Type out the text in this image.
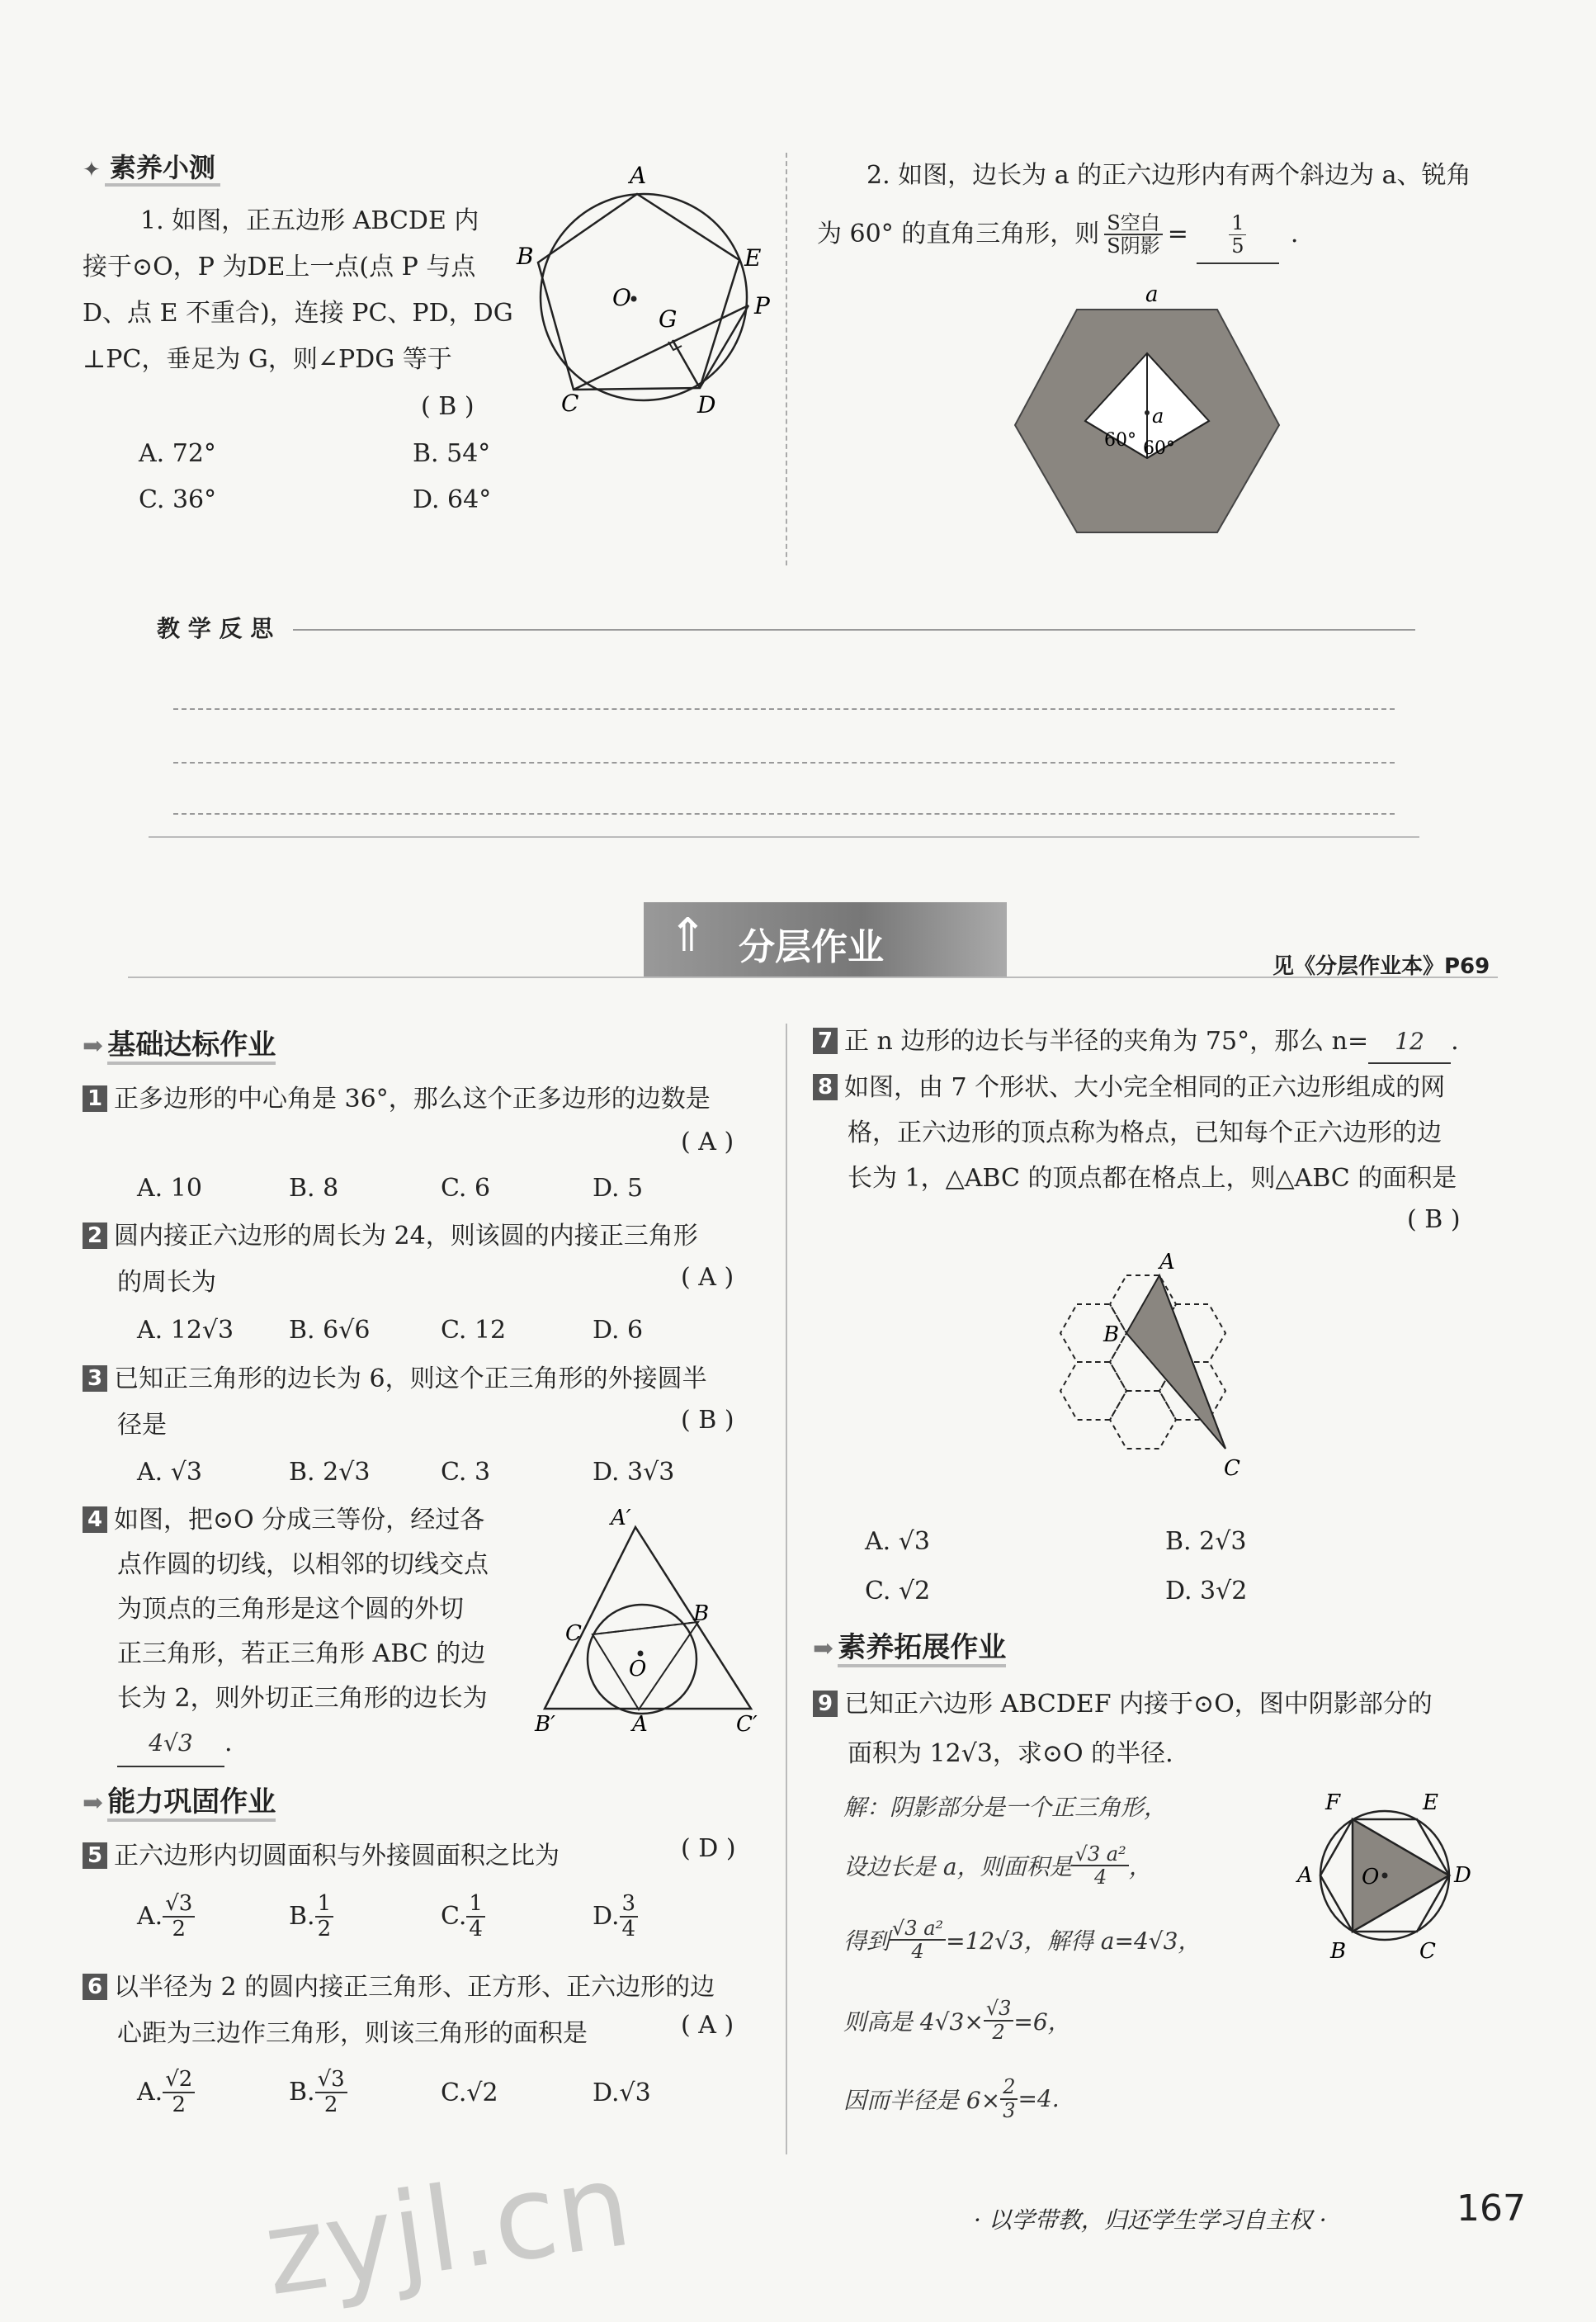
✦ 素养小测
1. 如图，正五边形 ABCDE 内
接于⊙O，P 为DE上一点(点 P 与点
D、点 E 不重合)，连接 PC、PD，DG
⊥PC，垂足为 G，则∠PDG 等于
( B )
A. 72°	B. 54°
C. 36°	D. 64°
A
B	E
O
G	P
C	D
2. 如图，边长为 a 的正六边形内有两个斜边为 a、锐角
为 60° 的直角三角形，则 $\frac{\text{S空白}}{\text{S阴影}} = \frac{1}{5}$ .
a
a
60° 60°
教 学 反 思
⇑ 分层作业	见《分层作业本》P69
➡ 基础达标作业
1 正多边形的中心角是 36°，那么这个正多边形的边数是
( A )
A. 10	B. 8	C. 6	D. 5
2 圆内接正六边形的周长为 24，则该圆的内接正三角形
的周长为	( A )
A. 12√3 B. 6√6	C. 12	D. 6
3 已知正三角形的边长为 6，则这个正三角形的外接圆半
径是	( B )
A. √3	B. 2√3	C. 3	D. 3√3
4 如图，把⊙O 分成三等份，经过各
点作圆的切线，以相邻的切线交点
为顶点的三角形是这个圆的外切
正三角形，若正三角形 ABC 的边
长为 2，则外切正三角形的边长为
4√3 .
A′
B
C
O
B′	A	C′
➡ 能力巩固作业
5 正六边形内切圆面积与外接圆面积之比为	( D )
A. $\frac{√3}{2}$	B. $\frac{1}{2}$	C. $\frac{1}{4}$	D. $\frac{3}{4}$
6 以半径为 2 的圆内接正三角形、正方形、正六边形的边
心距为三边作三角形，则该三角形的面积是	( A )
A. $\frac{√2}{2}$	B. $\frac{√3}{2}$	C.√2	D.√3
7 正 n 边形的边长与半径的夹角为 75°，那么 n= 12 .
8 如图，由 7 个形状、大小完全相同的正六边形组成的网
格，正六边形的顶点称为格点，已知每个正六边形的边
长为 1，△ABC 的顶点都在格点上，则△ABC 的面积是
( B )
A
B
C
A. √3	B. 2√3
C. √2	D. 3√2
➡ 素养拓展作业
9 已知正六边形 ABCDEF 内接于⊙O，图中阴影部分的
面积为 12√3，求⊙O 的半径.
解：阴影部分是一个正三角形，
设边长是 a，则面积是 $\frac{\text{√3 a²}}{4}$ ，
得到 $\frac{\text{√3 a²}}{4} =12√3$，解得 a=4√3，
则高是 $4√3\times \frac{√3}{2} =6$，
因而半径是 $6\times \frac{2}{3} =4$.
F	E
A O	D
B	C
· 以学带教，归还学生学习自主权 ·	167
zyjl.cn
